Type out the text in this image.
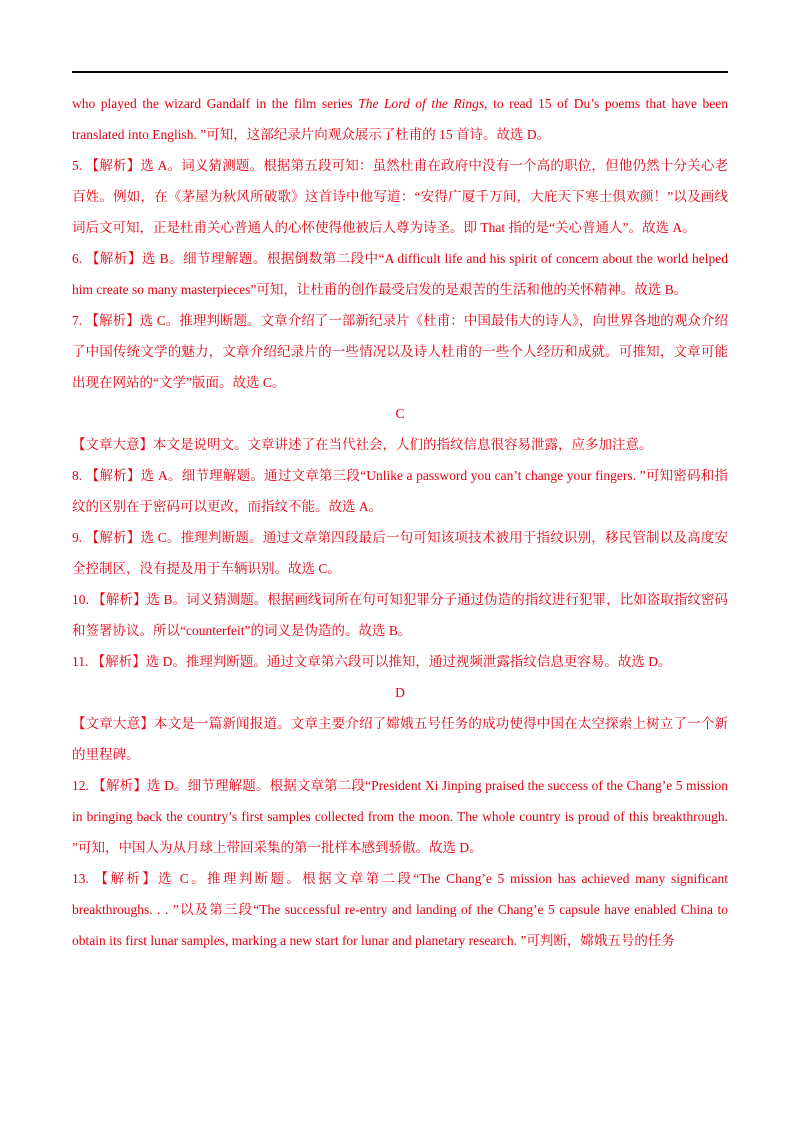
who played the wizard Gandalf in the film series The Lord of the Rings, to read 15 of Du’s poems that have been translated into English. ”可知，这部纪录片向观众展示了杜甫的 15 首诗。故选 D。

5. 【解析】选 A。词义猜测题。根据第五段可知：虽然杜甫在政府中没有一个高的职位，但他仍然十分关心老百姓。例如，在《茅屋为秋风所破歌》这首诗中他写道：“安得广厦千万间，大庇天下寒士俱欢颜！”以及画线词后文可知，正是杜甫关心普通人的心怀使得他被后人尊为诗圣。即 That 指的是“关心普通人”。故选 A。

6. 【解析】选 B。细节理解题。根据倒数第二段中“A difficult life and his spirit of concern about the world helped him create so many masterpieces”可知，让杜甫的创作最受启发的是艰苦的生活和他的关怀精神。故选 B。

7. 【解析】选 C。推理判断题。文章介绍了一部新纪录片《杜甫：中国最伟大的诗人》，向世界各地的观众介绍了中国传统文学的魅力，文章介绍纪录片的一些情况以及诗人杜甫的一些个人经历和成就。可推知，文章可能出现在网站的“文学”版面。故选 C。

C

【文章大意】本文是说明文。文章讲述了在当代社会，人们的指纹信息很容易泄露，应多加注意。

8. 【解析】选 A。细节理解题。通过文章第三段“Unlike a password you can’t change your fingers. ”可知密码和指纹的区别在于密码可以更改，而指纹不能。故选 A。

9. 【解析】选 C。推理判断题。通过文章第四段最后一句可知该项技术被用于指纹识别，移民管制以及高度安全控制区，没有提及用于车辆识别。故选 C。

10. 【解析】选 B。词义猜测题。根据画线词所在句可知犯罪分子通过伪造的指纹进行犯罪，比如盗取指纹密码和签署协议。所以“counterfeit”的词义是伪造的。故选 B。

11. 【解析】选 D。推理判断题。通过文章第六段可以推知，通过视频泄露指纹信息更容易。故选 D。

D

【文章大意】本文是一篇新闻报道。文章主要介绍了嫦娥五号任务的成功使得中国在太空探索上树立了一个新的里程碑。

12. 【解析】选 D。细节理解题。根据文章第二段“President Xi Jinping praised the success of the Chang’e 5 mission in bringing back the country’s first samples collected from the moon. The whole country is proud of this breakthrough. ”可知，中国人为从月球上带回采集的第一批样本感到骄傲。故选 D。

13. 【解析】选 C。推理判断题。根据文章第二段“The Chang’e 5 mission has achieved many significant breakthroughs. . . ”以及第三段“The successful re-entry and landing of the Chang’e 5 capsule have enabled China to obtain its first lunar samples, marking a new start for lunar and planetary research. ”可判断，嫦娥五号的任务
